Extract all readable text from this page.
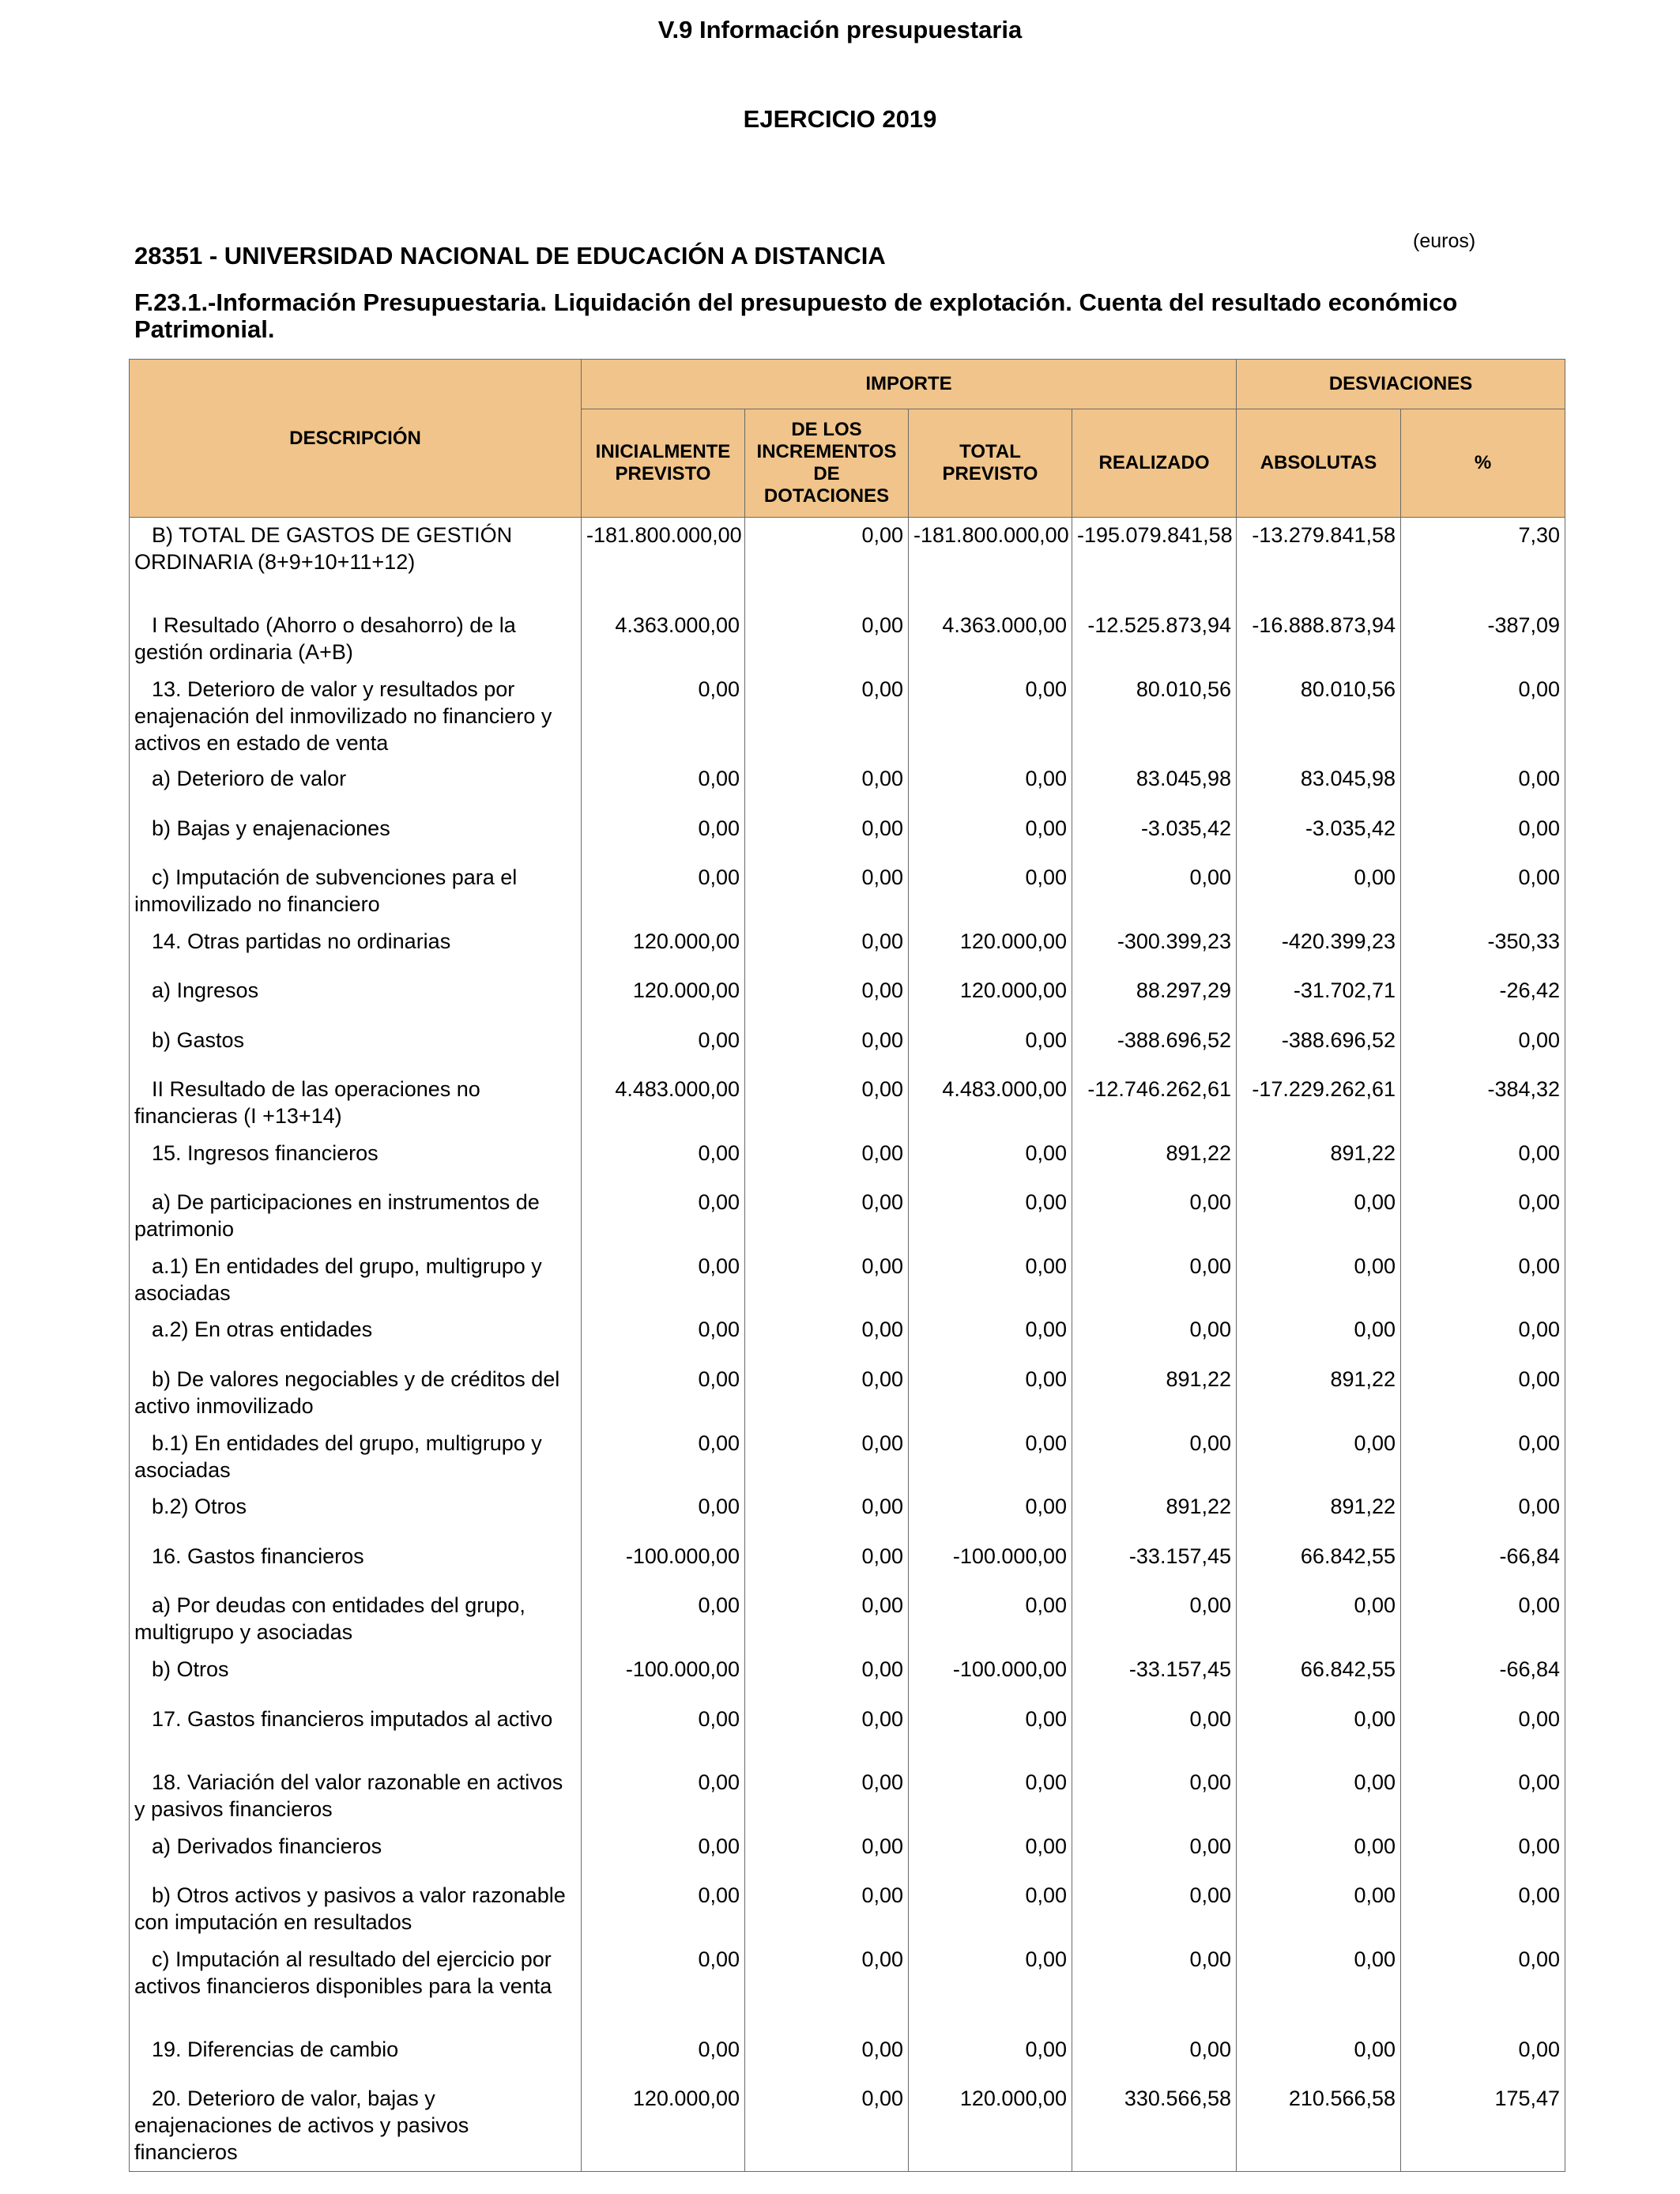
V.9 Información presupuestaria
EJERCICIO 2019
(euros)
28351 - UNIVERSIDAD NACIONAL DE EDUCACIÓN A DISTANCIA
F.23.1.-Información Presupuestaria. Liquidación del presupuesto de explotación. Cuenta del resultado económico Patrimonial.
DESCRIPCIÓN	IMPORTE				DESVIACIONES	
	INICIALMENTE PREVISTO	DE LOS INCREMENTOS DE DOTACIONES	TOTAL PREVISTO	REALIZADO	ABSOLUTAS	%
B) TOTAL DE GASTOS DE GESTIÓN ORDINARIA (8+9+10+11+12)	-181.800.000,00	0,00	-181.800.000,00	-195.079.841,58	-13.279.841,58	7,30
I Resultado (Ahorro o desahorro) de la gestión ordinaria (A+B)	4.363.000,00	0,00	4.363.000,00	-12.525.873,94	-16.888.873,94	-387,09
13. Deterioro de valor y resultados por enajenación del inmovilizado no financiero y activos en estado de venta	0,00	0,00	0,00	80.010,56	80.010,56	0,00
a) Deterioro de valor	0,00	0,00	0,00	83.045,98	83.045,98	0,00
b) Bajas y enajenaciones	0,00	0,00	0,00	-3.035,42	-3.035,42	0,00
c) Imputación de subvenciones para el inmovilizado no financiero	0,00	0,00	0,00	0,00	0,00	0,00
14. Otras partidas no ordinarias	120.000,00	0,00	120.000,00	-300.399,23	-420.399,23	-350,33
a) Ingresos	120.000,00	0,00	120.000,00	88.297,29	-31.702,71	-26,42
b) Gastos	0,00	0,00	0,00	-388.696,52	-388.696,52	0,00
II Resultado de las operaciones no financieras (I +13+14)	4.483.000,00	0,00	4.483.000,00	-12.746.262,61	-17.229.262,61	-384,32
15. Ingresos financieros	0,00	0,00	0,00	891,22	891,22	0,00
a) De participaciones en instrumentos de patrimonio	0,00	0,00	0,00	0,00	0,00	0,00
a.1) En entidades del grupo, multigrupo y asociadas	0,00	0,00	0,00	0,00	0,00	0,00
a.2) En otras entidades	0,00	0,00	0,00	0,00	0,00	0,00
b) De valores negociables y de créditos del activo inmovilizado	0,00	0,00	0,00	891,22	891,22	0,00
b.1) En entidades del grupo, multigrupo y asociadas	0,00	0,00	0,00	0,00	0,00	0,00
b.2) Otros	0,00	0,00	0,00	891,22	891,22	0,00
16. Gastos financieros	-100.000,00	0,00	-100.000,00	-33.157,45	66.842,55	-66,84
a) Por deudas con entidades del grupo, multigrupo y asociadas	0,00	0,00	0,00	0,00	0,00	0,00
b) Otros	-100.000,00	0,00	-100.000,00	-33.157,45	66.842,55	-66,84
17. Gastos financieros imputados al activo	0,00	0,00	0,00	0,00	0,00	0,00
18. Variación del valor razonable en activos y pasivos financieros	0,00	0,00	0,00	0,00	0,00	0,00
a) Derivados financieros	0,00	0,00	0,00	0,00	0,00	0,00
b) Otros activos y pasivos a valor razonable con imputación en resultados	0,00	0,00	0,00	0,00	0,00	0,00
c) Imputación al resultado del ejercicio por activos financieros disponibles para la venta	0,00	0,00	0,00	0,00	0,00	0,00
19. Diferencias de cambio	0,00	0,00	0,00	0,00	0,00	0,00
20. Deterioro de valor, bajas y enajenaciones de activos y pasivos financieros	120.000,00	0,00	120.000,00	330.566,58	210.566,58	175,47
